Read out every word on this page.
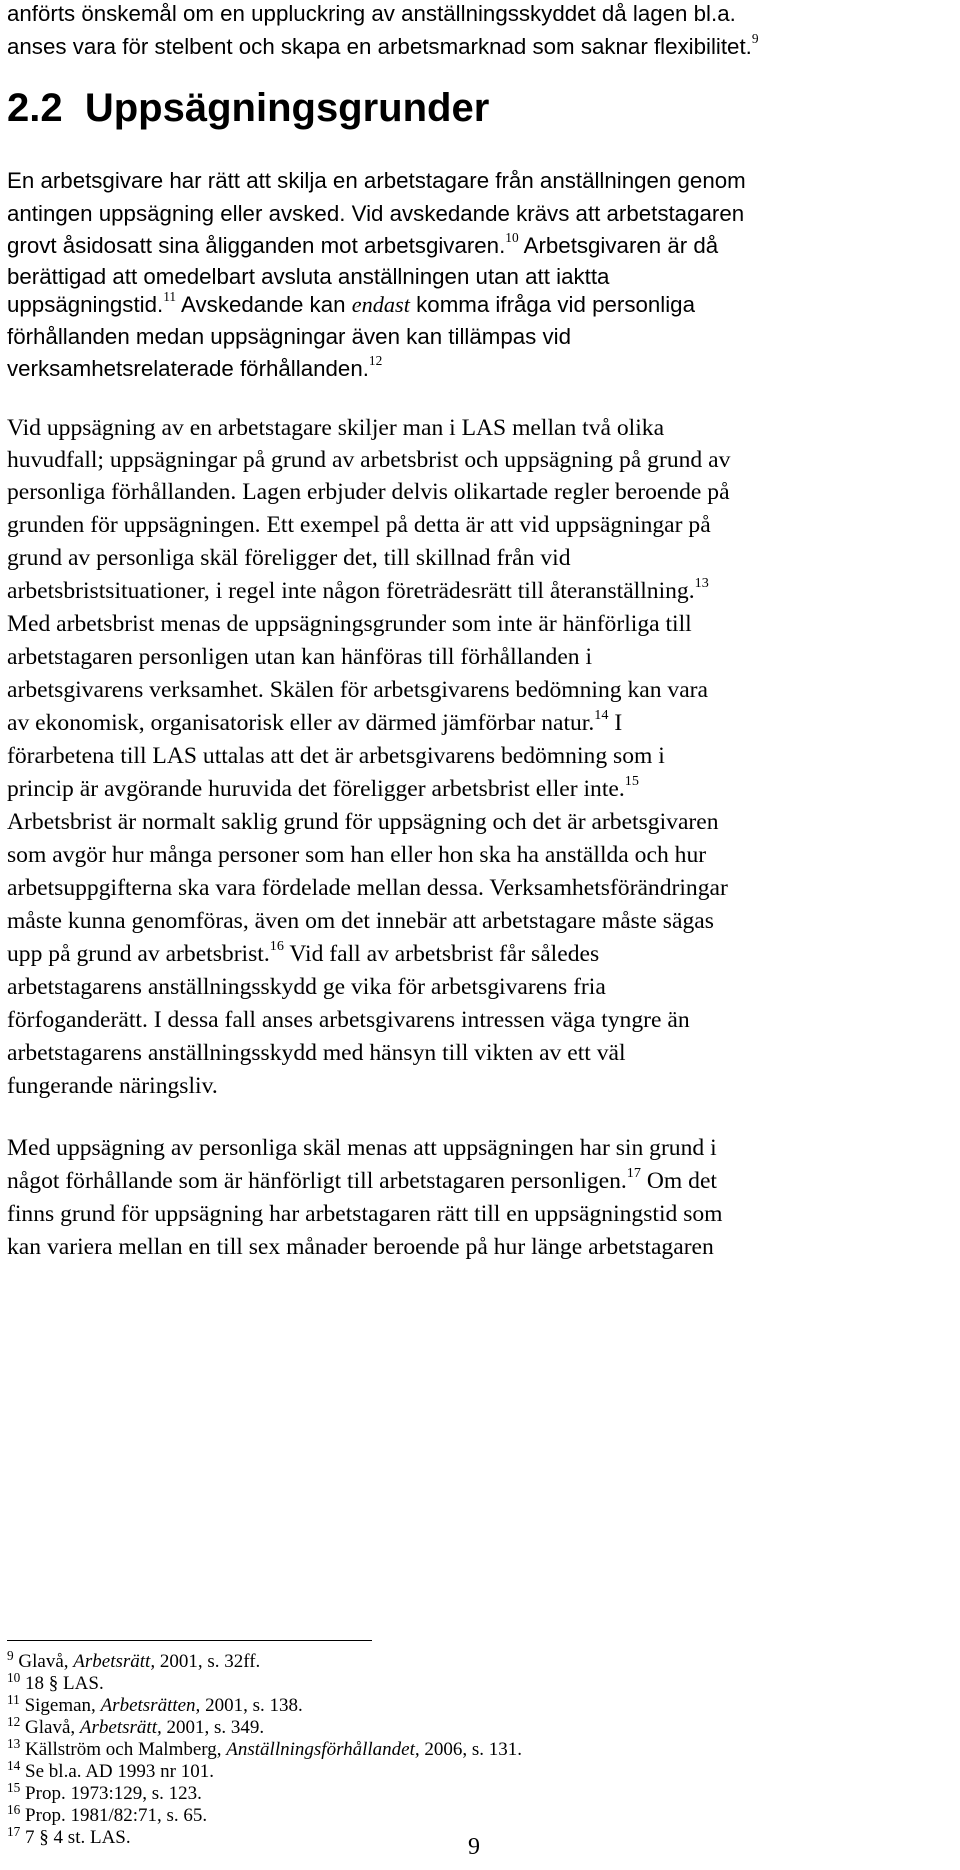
anförts önskemål om en uppluckring av anställningsskyddet då lagen bl.a.
anses vara för stelbent och skapa en arbetsmarknad som saknar flexibilitet.$^9$
2.2 Uppsägningsgrunder
En arbetsgivare har rätt att skilja en arbetstagare från anställningen genom
antingen uppsägning eller avsked. Vid avskedande krävs att arbetstagaren
grovt åsidosatt sina åligganden mot arbetsgivaren.$^{10}$ Arbetsgivaren är då
berättigad att omedelbart avsluta anställningen utan att iaktta
uppsägningstid.$^{11}$ Avskedande kan endast komma ifråga vid personliga
förhållanden medan uppsägningar även kan tillämpas vid
verksamhetsrelaterade förhållanden.$^{12}$
Vid uppsägning av en arbetstagare skiljer man i LAS mellan två olika
huvudfall; uppsägningar på grund av arbetsbrist och uppsägning på grund av
personliga förhållanden. Lagen erbjuder delvis olikartade regler beroende på
grunden för uppsägningen. Ett exempel på detta är att vid uppsägningar på
grund av personliga skäl föreligger det, till skillnad från vid
arbetsbristsituationer, i regel inte någon företrädesrätt till återanställning.$^{13}$
Med arbetsbrist menas de uppsägningsgrunder som inte är hänförliga till
arbetstagaren personligen utan kan hänföras till förhållanden i
arbetsgivarens verksamhet. Skälen för arbetsgivarens bedömning kan vara
av ekonomisk, organisatorisk eller av därmed jämförbar natur.$^{14}$ I
förarbetena till LAS uttalas att det är arbetsgivarens bedömning som i
princip är avgörande huruvida det föreligger arbetsbrist eller inte.$^{15}$
Arbetsbrist är normalt saklig grund för uppsägning och det är arbetsgivaren
som avgör hur många personer som han eller hon ska ha anställda och hur
arbetsuppgifterna ska vara fördelade mellan dessa. Verksamhetsförändringar
måste kunna genomföras, även om det innebär att arbetstagare måste sägas
upp på grund av arbetsbrist.$^{16}$ Vid fall av arbetsbrist får således
arbetstagarens anställningsskydd ge vika för arbetsgivarens fria
förfoganderätt. I dessa fall anses arbetsgivarens intressen väga tyngre än
arbetstagarens anställningsskydd med hänsyn till vikten av ett väl
fungerande näringsliv.
Med uppsägning av personliga skäl menas att uppsägningen har sin grund i
något förhållande som är hänförligt till arbetstagaren personligen.$^{17}$ Om det
finns grund för uppsägning har arbetstagaren rätt till en uppsägningstid som
kan variera mellan en till sex månader beroende på hur länge arbetstagaren
$^9$ Glavå, Arbetsrätt, 2001, s. 32ff.
$^{10}$ 18 § LAS.
$^{11}$ Sigeman, Arbetsrätten, 2001, s. 138.
$^{12}$ Glavå, Arbetsrätt, 2001, s. 349.
$^{13}$ Källström och Malmberg, Anställningsförhållandet, 2006, s. 131.
$^{14}$ Se bl.a. AD 1993 nr 101.
$^{15}$ Prop. 1973:129, s. 123.
$^{16}$ Prop. 1981/82:71, s. 65.
$^{17}$ 7 § 4 st. LAS.	9
